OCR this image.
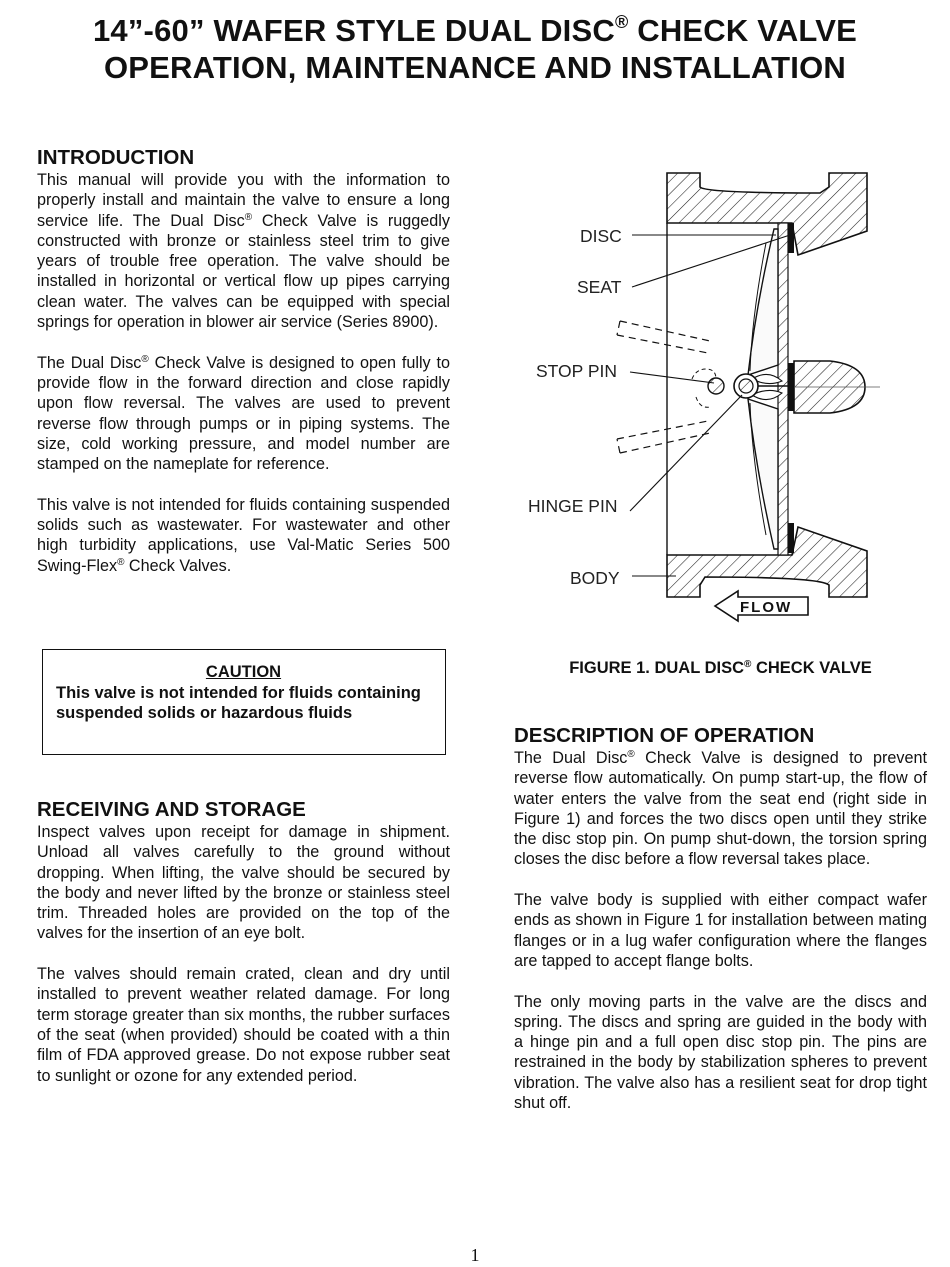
14”-60” WAFER STYLE DUAL DISC® CHECK VALVE
OPERATION, MAINTENANCE AND INSTALLATION
INTRODUCTION

This manual will provide you with the information to properly install and maintain the valve to ensure a long service life. The Dual Disc® Check Valve is ruggedly constructed with bronze or stainless steel trim to give years of trouble free operation. The valve should be installed in horizontal or vertical flow up pipes carrying clean water. The valves can be equipped with special springs for operation in blower air service (Series 8900).

The Dual Disc® Check Valve is designed to open fully to provide flow in the forward direction and close rapidly upon flow reversal. The valves are used to prevent reverse flow through pumps or in piping systems. The size, cold working pressure, and model number are stamped on the nameplate for reference.

This valve is not intended for fluids containing suspended solids such as wastewater. For wastewater and other high turbidity applications, use Val-Matic Series 500 Swing-Flex® Check Valves.

CAUTION
This valve is not intended for fluids containing suspended solids or hazardous fluids
RECEIVING AND STORAGE

Inspect valves upon receipt for damage in shipment. Unload all valves carefully to the ground without dropping. When lifting, the valve should be secured by the body and never lifted by the bronze or stainless steel trim. Threaded holes are provided on the top of the valves for the insertion of an eye bolt.

The valves should remain crated, clean and dry until installed to prevent weather related damage. For long term storage greater than six months, the rubber surfaces of the seat (when provided) should be coated with a thin film of FDA approved grease. Do not expose rubber seat to sunlight or ozone for any extended period.

DISC
SEAT
STOP PIN
HINGE PIN
BODY
FLOW
FIGURE 1. DUAL DISC® CHECK VALVE
DESCRIPTION OF OPERATION

The Dual Disc® Check Valve is designed to prevent reverse flow automatically. On pump start-up, the flow of water enters the valve from the seat end (right side in Figure 1) and forces the two discs open until they strike the disc stop pin. On pump shut-down, the torsion spring closes the disc before a flow reversal takes place.

The valve body is supplied with either compact wafer ends as shown in Figure 1 for installation between mating flanges or in a lug wafer configuration where the flanges are tapped to accept flange bolts.

The only moving parts in the valve are the discs and spring. The discs and spring are guided in the body with a hinge pin and a full open disc stop pin. The pins are restrained in the body by stabilization spheres to prevent vibration. The valve also has a resilient seat for drop tight shut off.

1
